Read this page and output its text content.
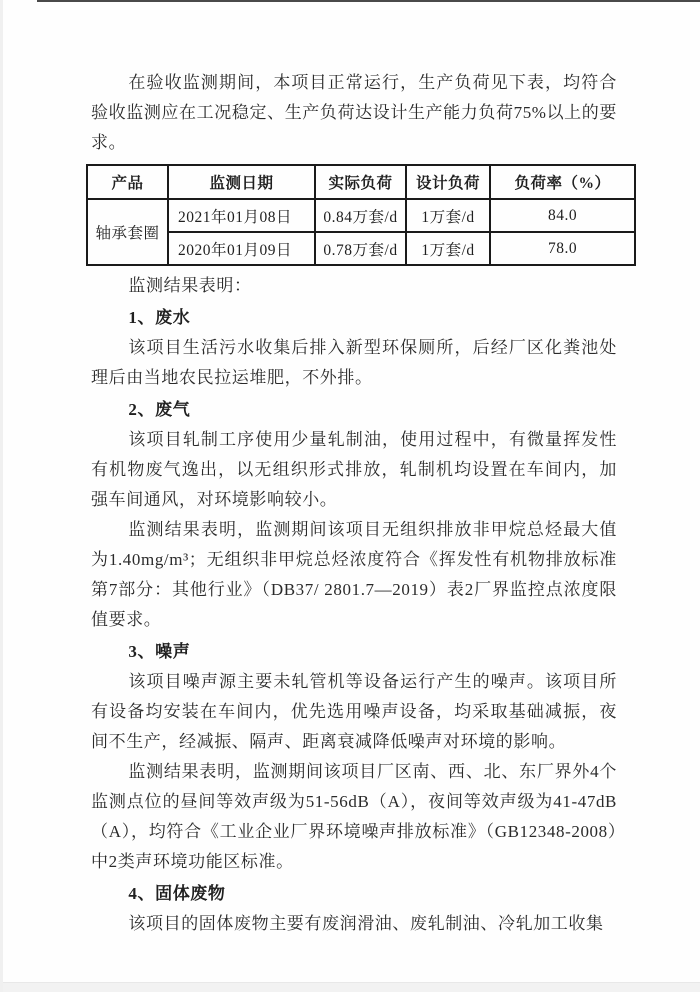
在验收监测期间，本项目正常运行，生产负荷见下表，均符合验收监测应在工况稳定、生产负荷达设计生产能力负荷75%以上的要求。

产品	监测日期	实际负荷	设计负荷	负荷率（%）
轴承套圈	2021年01月08日	0.84万套/d	1万套/d	84.0
	2020年01月09日	0.78万套/d	1万套/d	78.0

监测结果表明：

1、废水

该项目生活污水收集后排入新型环保厕所，后经厂区化粪池处理后由当地农民拉运堆肥，不外排。

2、废气

该项目轧制工序使用少量轧制油，使用过程中，有微量挥发性有机物废气逸出，以无组织形式排放，轧制机均设置在车间内，加强车间通风，对环境影响较小。

监测结果表明，监测期间该项目无组织排放非甲烷总烃最大值为1.40mg/m³；无组织非甲烷总烃浓度符合《挥发性有机物排放标准第7部分：其他行业》（DB37/ 2801.7—2019）表2厂界监控点浓度限值要求。

3、噪声

该项目噪声源主要未轧管机等设备运行产生的噪声。该项目所有设备均安装在车间内，优先选用噪声设备，均采取基础减振，夜间不生产，经减振、隔声、距离衰减降低噪声对环境的影响。

监测结果表明，监测期间该项目厂区南、西、北、东厂界外4个监测点位的昼间等效声级为51-56dB（A），夜间等效声级为41-47dB（A），均符合《工业企业厂界环境噪声排放标准》（GB12348-2008）中2类声环境功能区标准。

4、固体废物

该项目的固体废物主要有废润滑油、废轧制油、冷轧加工收集
